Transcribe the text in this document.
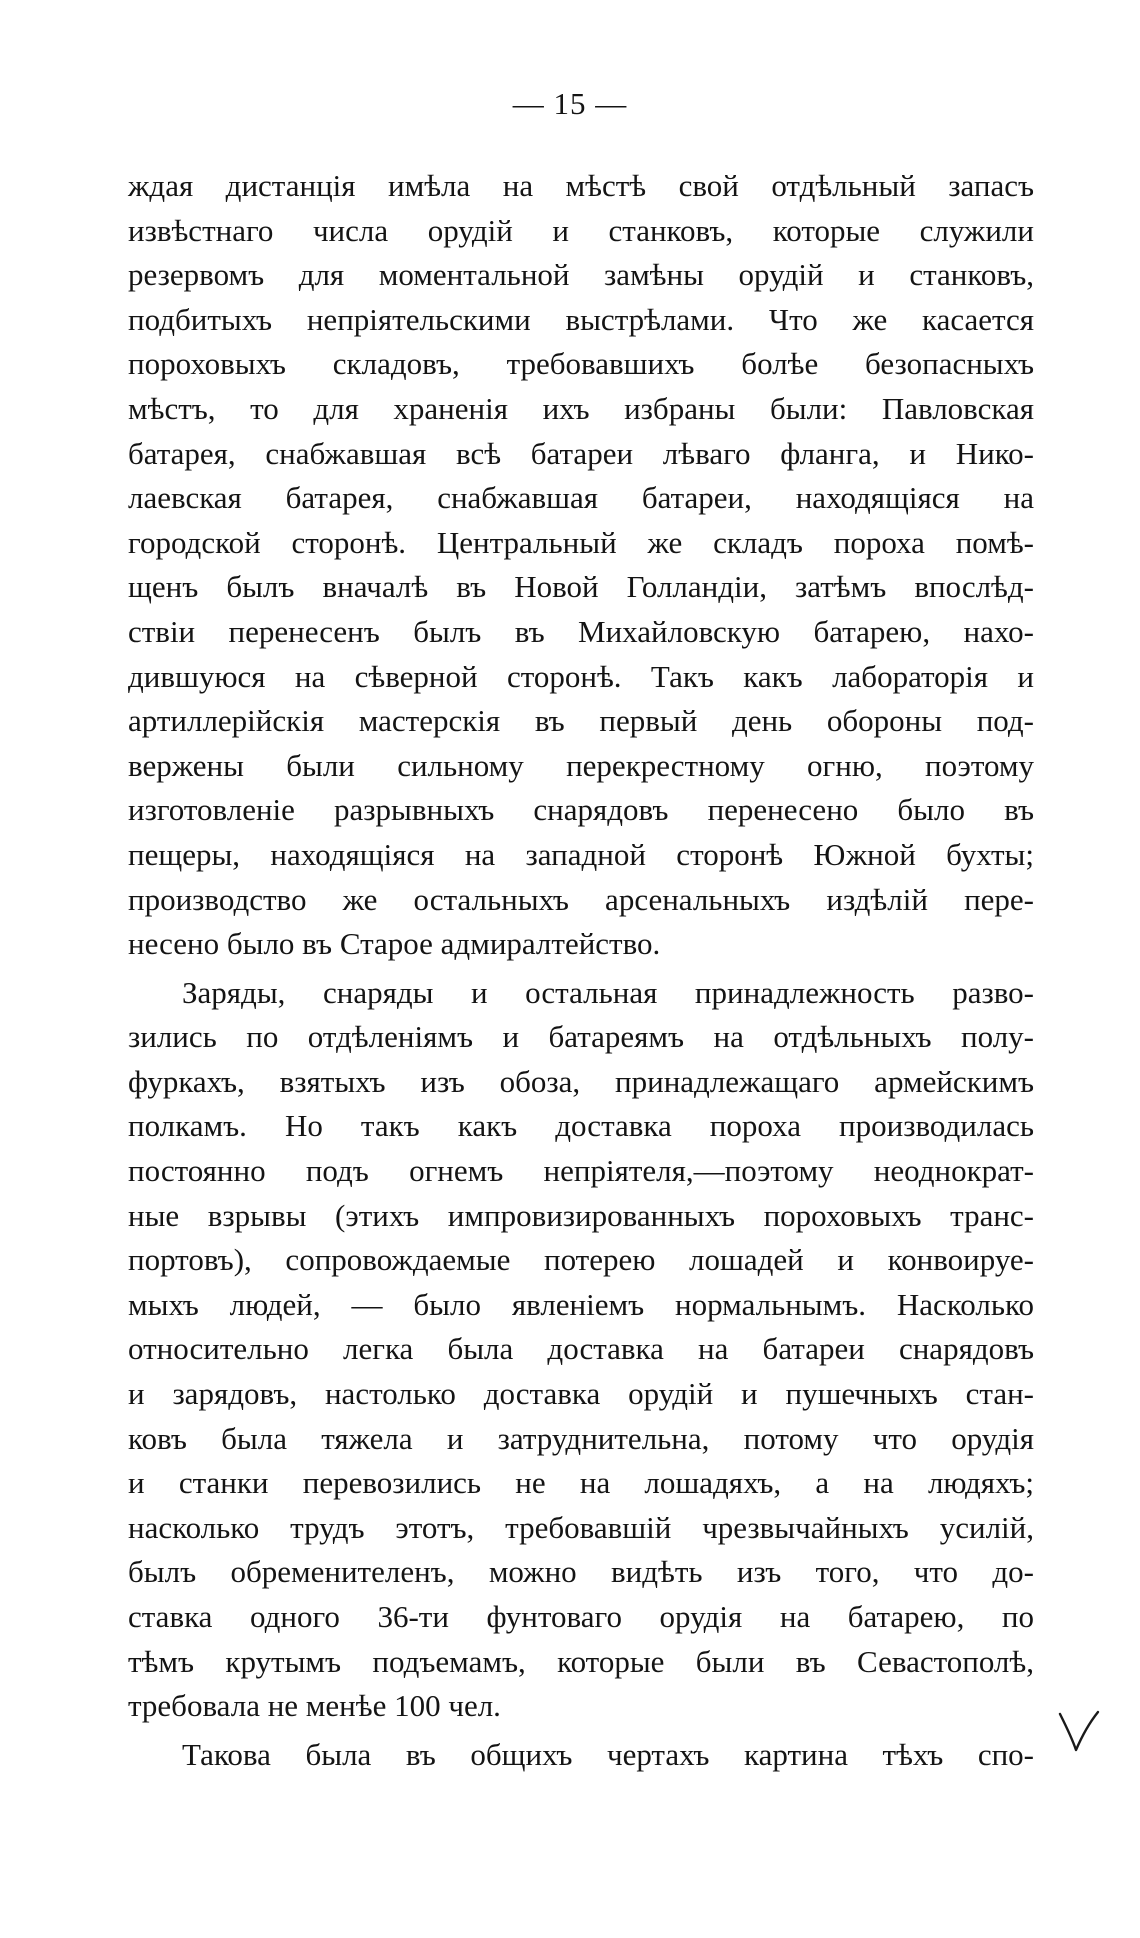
— 15 —
ждая дистанція имѣла на мѣстѣ свой отдѣльный запасъ
извѣстнаго числа орудій и станковъ, которые служили
резервомъ для моментальной замѣны орудій и станковъ,
подбитыхъ непріятельскими выстрѣлами. Что же касается
пороховыхъ складовъ, требовавшихъ болѣе безопасныхъ
мѣстъ, то для храненія ихъ избраны были: Павловская
батарея, снабжавшая всѣ батареи лѣваго фланга, и Нико-
лаевская батарея, снабжавшая батареи, находящіяся на
городской сторонѣ. Центральный же складъ пороха помѣ-
щенъ былъ вначалѣ въ Новой Голландіи, затѣмъ впослѣд-
ствіи перенесенъ былъ въ Михайловскую батарею, нахо-
дившуюся на сѣверной сторонѣ. Такъ какъ лабораторія и
артиллерійскія мастерскія въ первый день обороны под-
вержены были сильному перекрестному огню, поэтому
изготовленіе разрывныхъ снарядовъ перенесено было въ
пещеры, находящіяся на западной сторонѣ Южной бухты;
производство же остальныхъ арсенальныхъ издѣлій пере-
несено было въ Старое адмиралтейство.
Заряды, снаряды и остальная принадлежность разво-
зились по отдѣленіямъ и батареямъ на отдѣльныхъ полу-
фуркахъ, взятыхъ изъ обоза, принадлежащаго армейскимъ
полкамъ. Но такъ какъ доставка пороха производилась
постоянно подъ огнемъ непріятеля,—поэтому неоднократ-
ные взрывы (этихъ импровизированныхъ пороховыхъ транс-
портовъ), сопровождаемые потерею лошадей и конвоируе-
мыхъ людей, — было явленіемъ нормальнымъ. Насколько
относительно легка была доставка на батареи снарядовъ
и зарядовъ, настолько доставка орудій и пушечныхъ стан-
ковъ была тяжела и затруднительна, потому что орудія
и станки перевозились не на лошадяхъ, а на людяхъ;
насколько трудъ этотъ, требовавшій чрезвычайныхъ усилій,
былъ обременителенъ, можно видѣть изъ того, что до-
ставка одного 36-ти фунтоваго орудія на батарею, по
тѣмъ крутымъ подъемамъ, которые были въ Севастополѣ,
требовала не менѣе 100 чел.
Такова была въ общихъ чертахъ картина тѣхъ спо-
